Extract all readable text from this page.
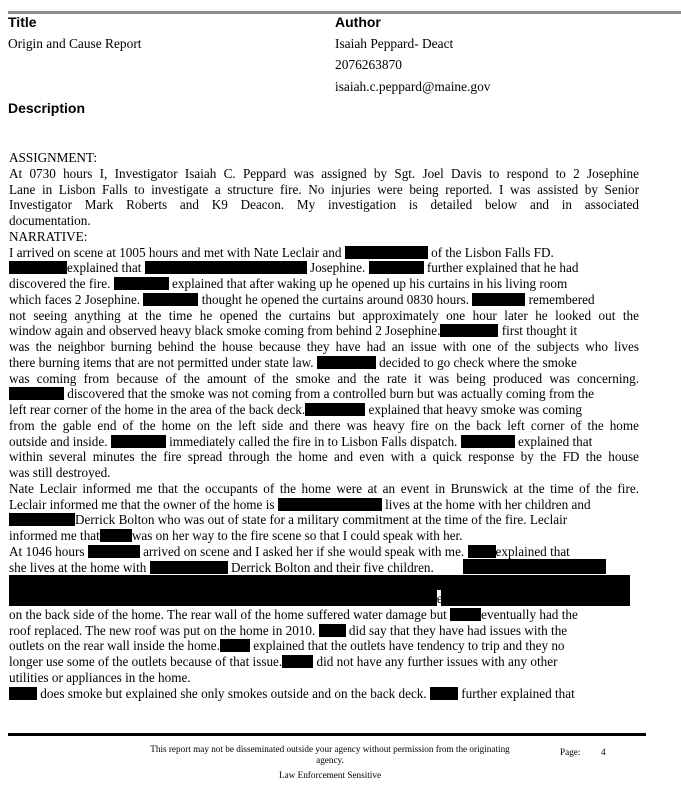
Title
Origin and Cause Report
Author
Isaiah Peppard- Deact
2076263870
isaiah.c.peppard@maine.gov
Description
ASSIGNMENT:
At 0730 hours I, Investigator Isaiah C. Peppard was assigned by Sgt. Joel Davis to respond to 2 Josephine
Lane in Lisbon Falls to investigate a structure fire. No injuries were being reported. I was assisted by Senior
Investigator Mark Roberts and K9 Deacon. My investigation is detailed below and in associated
documentation.
NARRATIVE:
I arrived on scene at 1005 hours and met with Nate Leclair and	of the Lisbon Falls FD.
explained that	Josephine.	further explained that he had
discovered the fire.	explained that after waking up he opened up his curtains in his living room
which faces 2 Josephine.	thought he opened the curtains around 0830 hours.	remembered
not seeing anything at the time he opened the curtains but approximately one hour later he looked out the
window again and observed heavy black smoke coming from behind 2 Josephine.	first thought it
was the neighbor burning behind the house because they have had an issue with one of the subjects who lives
there burning items that are not permitted under state law.	decided to go check where the smoke
was coming from because of the amount of the smoke and the rate it was being produced was concerning.
discovered that the smoke was not coming from a controlled burn but was actually coming from the
left rear corner of the home in the area of the back deck.	explained that heavy smoke was coming
from the gable end of the home on the left side and there was heavy fire on the back left corner of the home
outside and inside.	immediately called the fire in to Lisbon Falls dispatch.	explained that
within several minutes the fire spread through the home and even with a quick response by the FD the house
was still destroyed.
Nate Leclair informed me that the occupants of the home were at an event in Brunswick at the time of the fire.
Leclair informed me that the owner of the home is	lives at the home with her children and
Derrick Bolton who was out of state for a military commitment at the time of the fire. Leclair
informed me that was on her way to the fire scene so that I could speak with her.
At 1046 hours	arrived on scene and I asked her if she would speak with me. explained that
she lives at the home with	Derrick Bolton and their five children.
were
on the back side of the home. The rear wall of the home suffered water damage but	eventually had the
roof replaced. The new roof was put on the home in 2010.	did say that they have had issues with the
outlets on the rear wall inside the home.	explained that the outlets have tendency to trip and they no
longer use some of the outlets because of that issue.	did not have any further issues with any other
utilities or appliances in the home.
does smoke but explained she only smokes outside and on the back deck.	further explained that
This report may not be disseminated outside your agency without permission from the originating
agency.
Page: 4
Law Enforcement Sensitive
